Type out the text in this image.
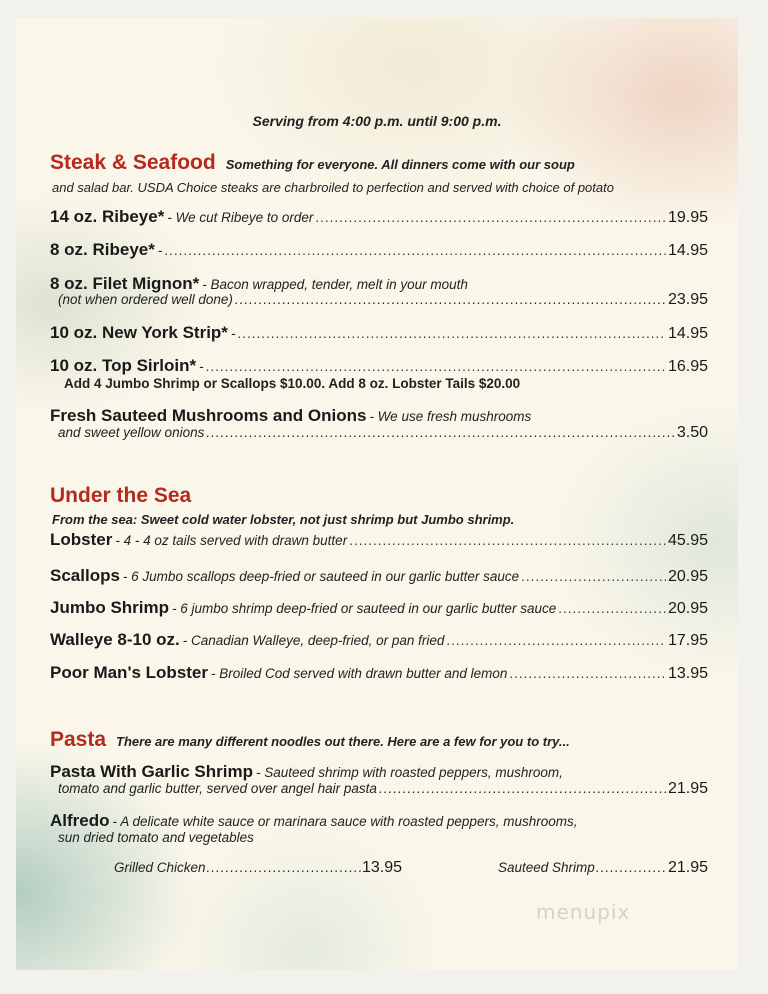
Serving from 4:00 p.m. until 9:00 p.m.
Steak & Seafood Something for everyone. All dinners come with our soup
and salad bar. USDA Choice steaks are charbroiled to perfection and served with choice of potato
14 oz. Ribeye* - We cut Ribeye to order .....	19.95
8 oz. Ribeye* - .....	14.95
8 oz. Filet Mignon* - Bacon wrapped, tender, melt in your mouth
(not when ordered well done) .....	23.95
10 oz. New York Strip* - .....	14.95
10 oz. Top Sirloin* - .....	16.95
Add 4 Jumbo Shrimp or Scallops $10.00. Add 8 oz. Lobster Tails $20.00
Fresh Sauteed Mushrooms and Onions - We use fresh mushrooms
and sweet yellow onions .....	3.50
Under the Sea
From the sea: Sweet cold water lobster, not just shrimp but Jumbo shrimp.
Lobster - 4 - 4 oz tails served with drawn butter .....	45.95
Scallops - 6 Jumbo scallops deep-fried or sauteed in our garlic butter sauce .....	20.95
Jumbo Shrimp - 6 jumbo shrimp deep-fried or sauteed in our garlic butter sauce .....	20.95
Walleye 8-10 oz. - Canadian Walleye, deep-fried, or pan fried .....	17.95
Poor Man's Lobster - Broiled Cod served with drawn butter and lemon .....	13.95
Pasta There are many different noodles out there. Here are a few for you to try...
Pasta With Garlic Shrimp - Sauteed shrimp with roasted peppers, mushroom,
tomato and garlic butter, served over angel hair pasta .....	21.95
Alfredo - A delicate white sauce or marinara sauce with roasted peppers, mushrooms,
sun dried tomato and vegetables
Grilled Chicken .....	13.95	Sauteed Shrimp .....	21.95
menupix
